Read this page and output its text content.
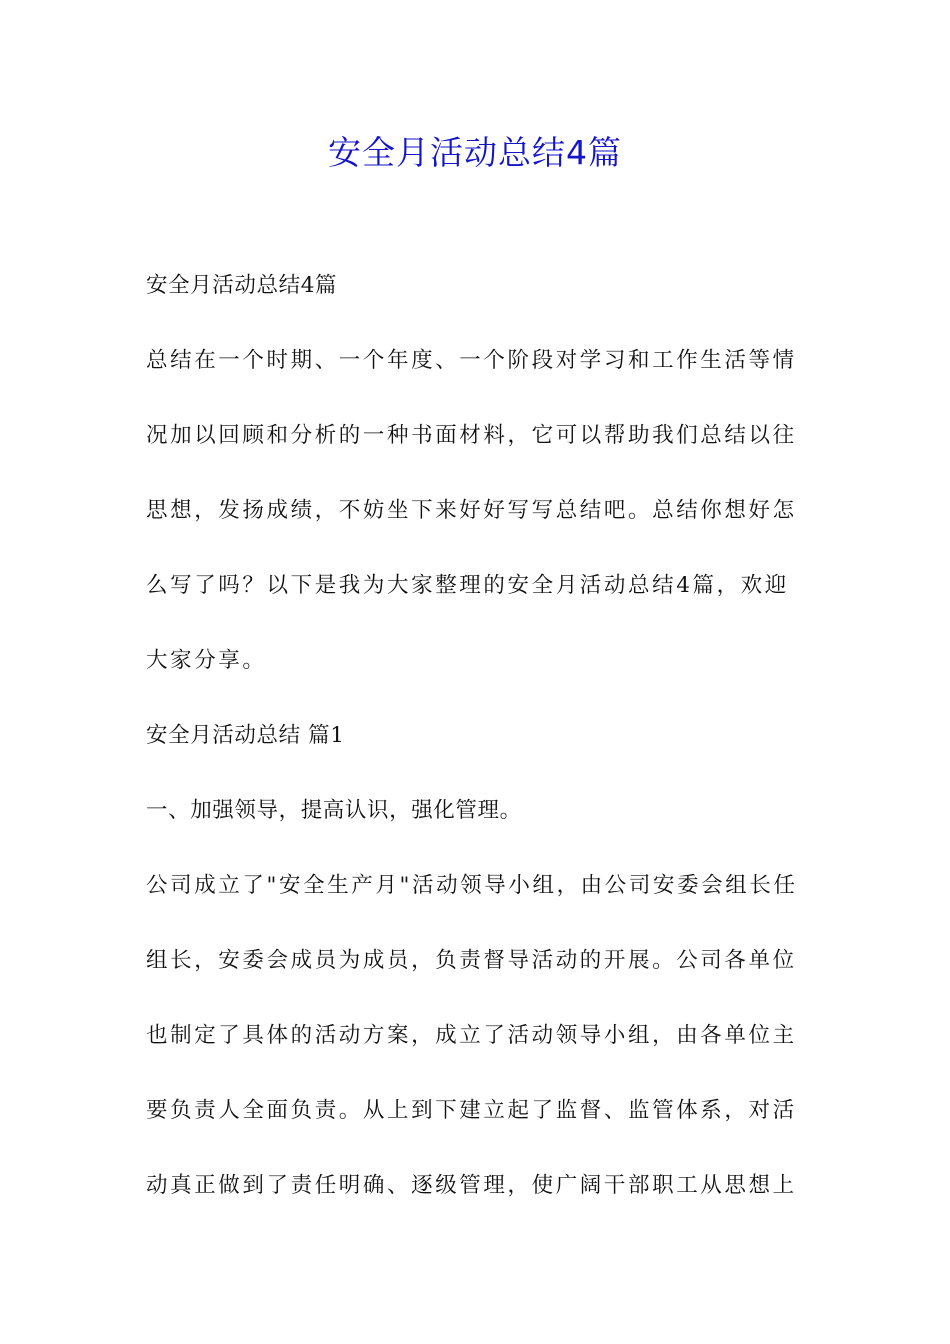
安全月活动总结4篇

安全月活动总结4篇

总结在一个时期、一个年度、一个阶段对学习和工作生活等情

况加以回顾和分析的一种书面材料，它可以帮助我们总结以往

思想，发扬成绩，不妨坐下来好好写写总结吧。总结你想好怎

么写了吗？以下是我为大家整理的安全月活动总结4篇，欢迎

大家分享。

安全月活动总结 篇1

一、加强领导，提高认识，强化管理。

公司成立了"安全生产月"活动领导小组，由公司安委会组长任

组长，安委会成员为成员，负责督导活动的开展。公司各单位

也制定了具体的活动方案，成立了活动领导小组，由各单位主

要负责人全面负责。从上到下建立起了监督、监管体系，对活

动真正做到了责任明确、逐级管理，使广阔干部职工从思想上
